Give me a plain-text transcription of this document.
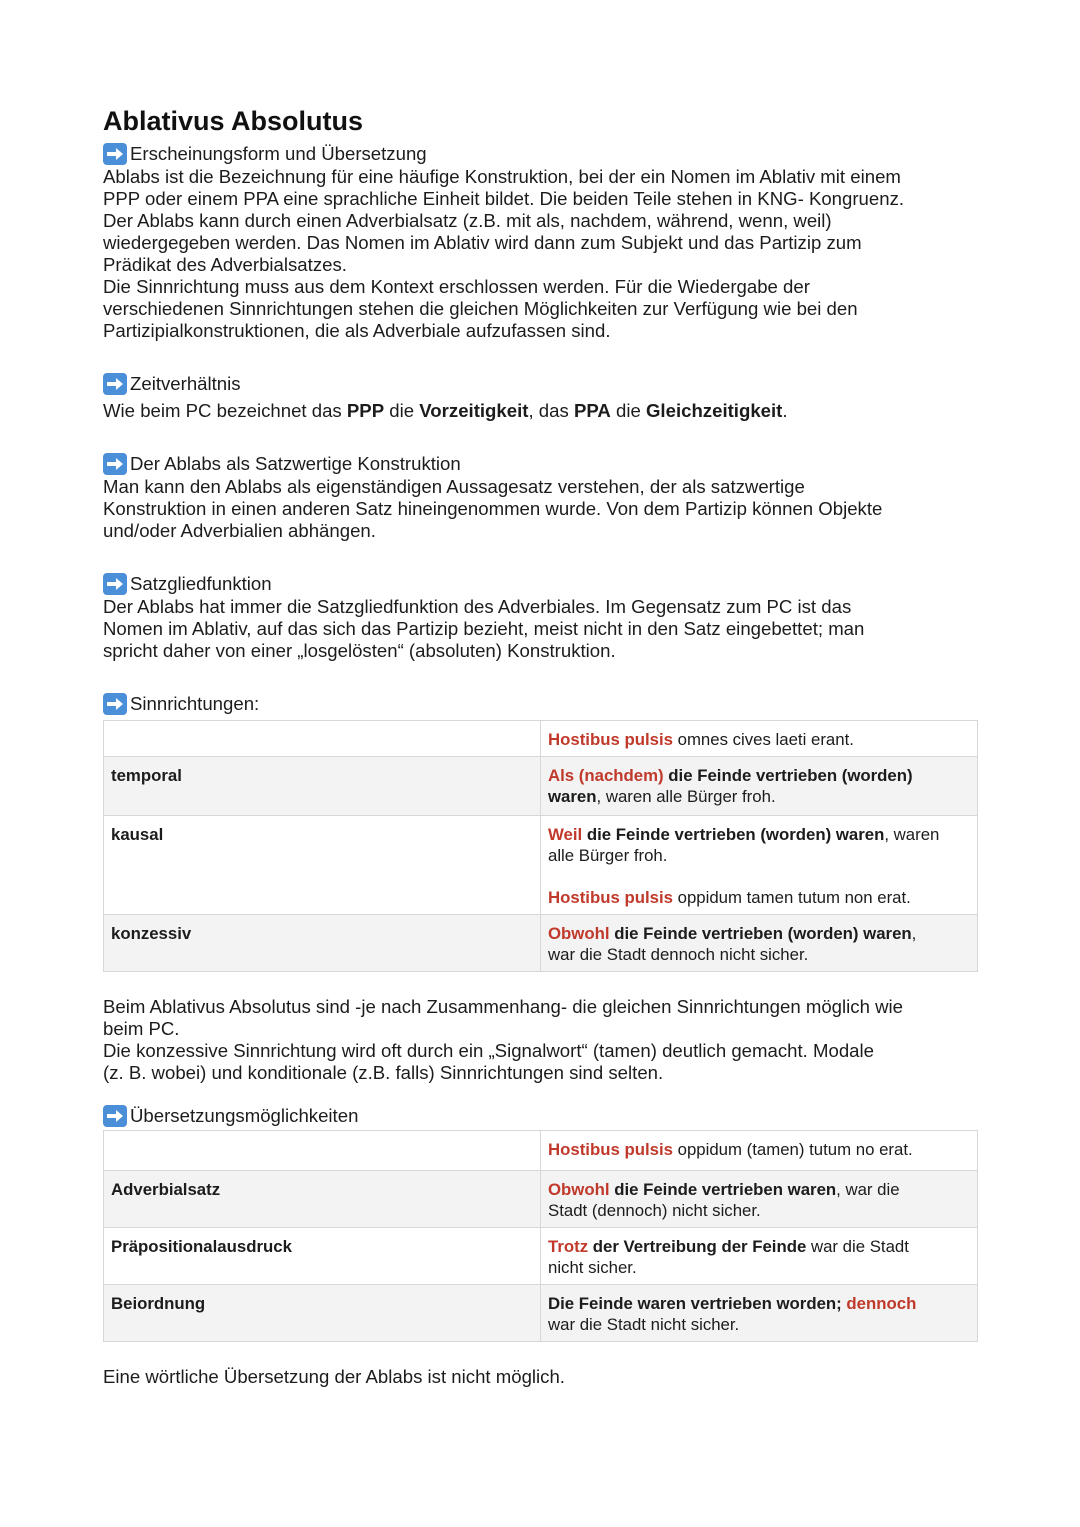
Ablativus Absolutus
Erscheinungsform und Übersetzung
Ablabs ist die Bezeichnung für eine häufige Konstruktion, bei der ein Nomen im Ablativ mit einem
PPP oder einem PPA eine sprachliche Einheit bildet. Die beiden Teile stehen in KNG- Kongruenz.
Der Ablabs kann durch einen Adverbialsatz (z.B. mit als, nachdem, während, wenn, weil)
wiedergegeben werden. Das Nomen im Ablativ wird dann zum Subjekt und das Partizip zum
Prädikat des Adverbialsatzes.
Die Sinnrichtung muss aus dem Kontext erschlossen werden. Für die Wiedergabe der
verschiedenen Sinnrichtungen stehen die gleichen Möglichkeiten zur Verfügung wie bei den
Partizipialkonstruktionen, die als Adverbiale aufzufassen sind.
Zeitverhältnis
Wie beim PC bezeichnet das PPP die Vorzeitigkeit, das PPA die Gleichzeitigkeit.
Der Ablabs als Satzwertige Konstruktion
Man kann den Ablabs als eigenständigen Aussagesatz verstehen, der als satzwertige
Konstruktion in einen anderen Satz hineingenommen wurde. Von dem Partizip können Objekte
und/oder Adverbialien abhängen.
Satzgliedfunktion
Der Ablabs hat immer die Satzgliedfunktion des Adverbiales. Im Gegensatz zum PC ist das
Nomen im Ablativ, auf das sich das Partizip bezieht, meist nicht in den Satz eingebettet; man
spricht daher von einer „losgelösten“ (absoluten) Konstruktion.
Sinnrichtungen:
	Hostibus pulsis omnes cives laeti erant.
temporal	Als (nachdem) die Feinde vertrieben (worden)
waren, waren alle Bürger froh.
kausal	Weil die Feinde vertrieben (worden) waren, waren
alle Bürger froh.

Hostibus pulsis oppidum tamen tutum non erat.
konzessiv	Obwohl die Feinde vertrieben (worden) waren,
war die Stadt dennoch nicht sicher.
Beim Ablativus Absolutus sind -je nach Zusammenhang- die gleichen Sinnrichtungen möglich wie
beim PC.
Die konzessive Sinnrichtung wird oft durch ein „Signalwort“ (tamen) deutlich gemacht. Modale
(z. B. wobei) und konditionale (z.B. falls) Sinnrichtungen sind selten.
Übersetzungsmöglichkeiten
	Hostibus pulsis oppidum (tamen) tutum no erat.
Adverbialsatz	Obwohl die Feinde vertrieben waren, war die
Stadt (dennoch) nicht sicher.
Präpositionalausdruck	Trotz der Vertreibung der Feinde war die Stadt
nicht sicher.
Beiordnung	Die Feinde waren vertrieben worden; dennoch
war die Stadt nicht sicher.
Eine wörtliche Übersetzung der Ablabs ist nicht möglich.
